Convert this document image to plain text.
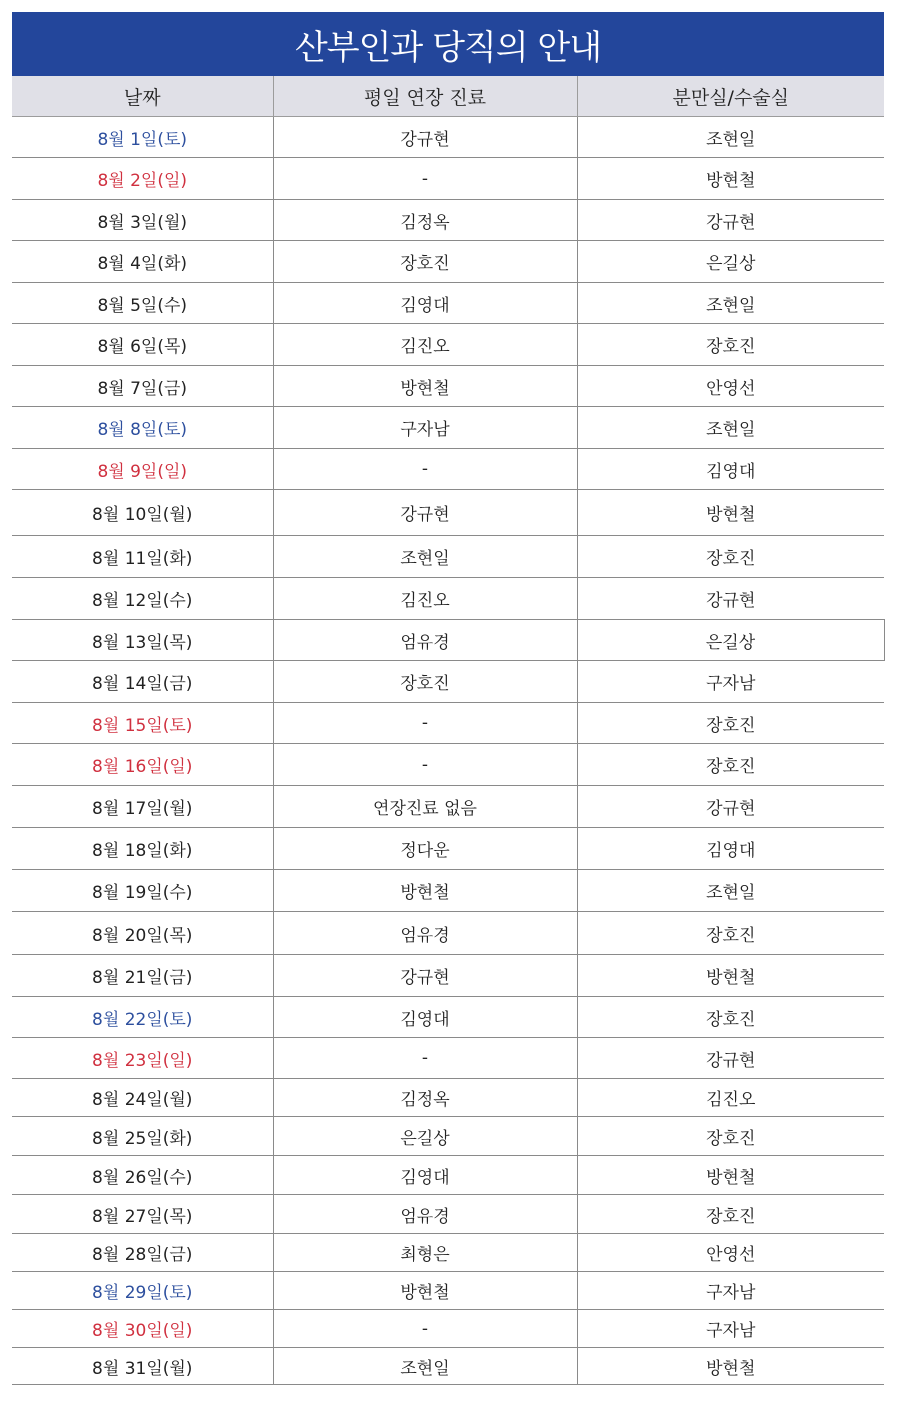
산부인과 당직의 안내
날짜	평일 연장 진료	분만실/수술실
8월 1일(토)	강규현	조현일
8월 2일(일)	-	방현철
8월 3일(월)	김정옥	강규현
8월 4일(화)	장호진	은길상
8월 5일(수)	김영대	조현일
8월 6일(목)	김진오	장호진
8월 7일(금)	방현철	안영선
8월 8일(토)	구자남	조현일
8월 9일(일)	-	김영대
8월 10일(월)	강규현	방현철
8월 11일(화)	조현일	장호진
8월 12일(수)	김진오	강규현
8월 13일(목)	엄유경	은길상
8월 14일(금)	장호진	구자남
8월 15일(토)	-	장호진
8월 16일(일)	-	장호진
8월 17일(월)	연장진료 없음	강규현
8월 18일(화)	정다운	김영대
8월 19일(수)	방현철	조현일
8월 20일(목)	엄유경	장호진
8월 21일(금)	강규현	방현철
8월 22일(토)	김영대	장호진
8월 23일(일)	-	강규현
8월 24일(월)	김정옥	김진오
8월 25일(화)	은길상	장호진
8월 26일(수)	김영대	방현철
8월 27일(목)	엄유경	장호진
8월 28일(금)	최형은	안영선
8월 29일(토)	방현철	구자남
8월 30일(일)	-	구자남
8월 31일(월)	조현일	방현철
